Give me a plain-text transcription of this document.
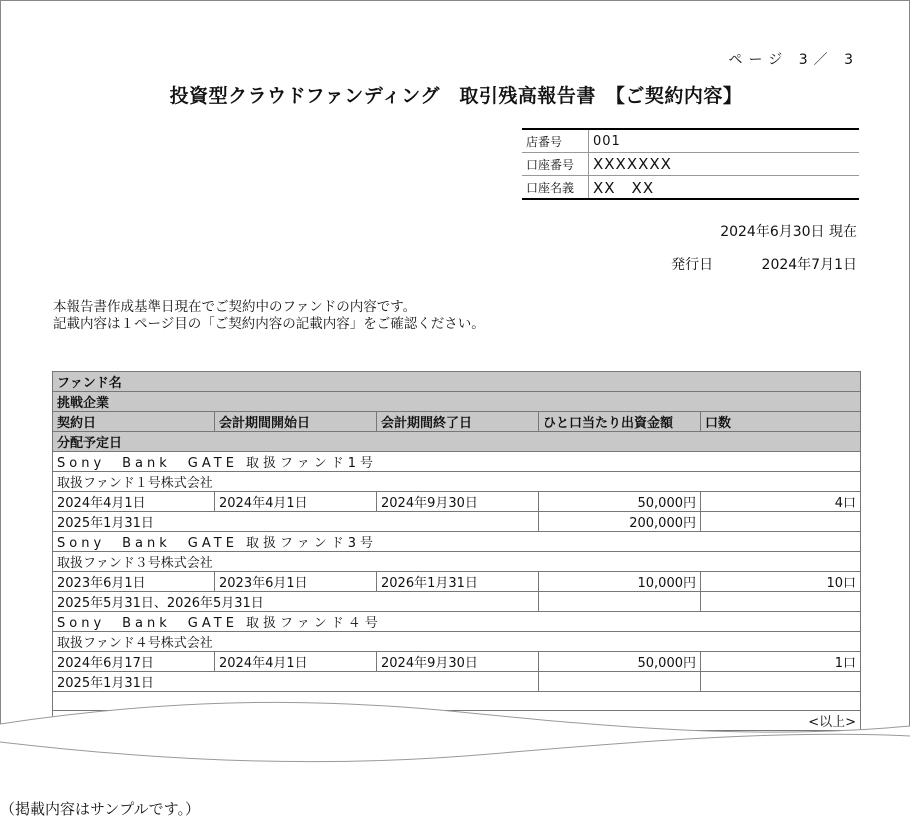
ページ 3／ 3
投資型クラウドファンディング　取引残高報告書　【ご契約内容】
店番号	001
口座番号	XXXXXXX
口座名義	XX　XX
2024年6月30日 現在
発行日	2024年7月1日
本報告書作成基準日現在でご契約中のファンドの内容です。
記載内容は１ページ目の「ご契約内容の記載内容」をご確認ください。
ファンド名				
挑戦企業				
契約日	会計期間開始日	会計期間終了日	ひと口当たり出資金額	口数
分配予定日				
Sony　Bank　GATE 取扱ファンド1号				
取扱ファンド１号株式会社				
2024年4月1日	2024年4月1日	2024年9月30日	50,000円	4口
2025年1月31日			200,000円	
Sony　Bank　GATE 取扱ファンド3号				
取扱ファンド３号株式会社				
2023年6月1日	2023年6月1日	2026年1月31日	10,000円	10口
2025年5月31日、2026年5月31日				
Sony　Bank　GATE 取扱ファンド４号				
取扱ファンド４号株式会社				
2024年6月17日	2024年4月1日	2024年9月30日	50,000円	1口
2025年1月31日				

<以上>				

（掲載内容はサンプルです。）
